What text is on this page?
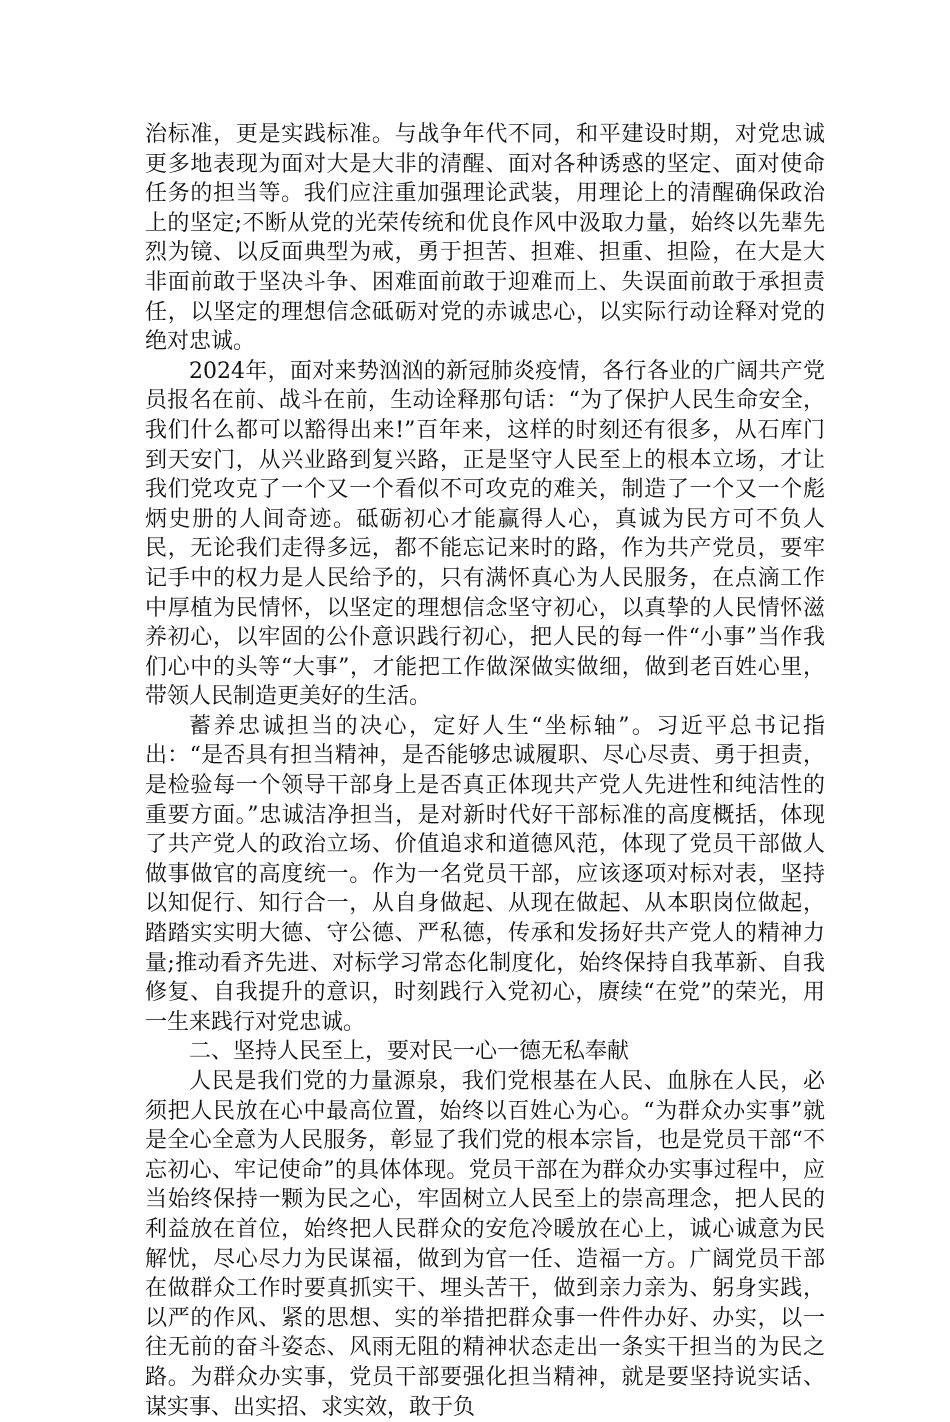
治标准，更是实践标准。与战争年代不同，和平建设时期，对党忠诚更多地表现为面对大是大非的清醒、面对各种诱惑的坚定、面对使命任务的担当等。我们应注重加强理论武装，用理论上的清醒确保政治上的坚定;不断从党的光荣传统和优良作风中汲取力量，始终以先辈先烈为镜、以反面典型为戒，勇于担苦、担难、担重、担险，在大是大非面前敢于坚决斗争、困难面前敢于迎难而上、失误面前敢于承担责任，以坚定的理想信念砥砺对党的赤诚忠心，以实际行动诠释对党的绝对忠诚。

2024年，面对来势汹汹的新冠肺炎疫情，各行各业的广阔共产党员报名在前、战斗在前，生动诠释那句话：“为了保护人民生命安全，我们什么都可以豁得出来!”百年来，这样的时刻还有很多，从石库门到天安门，从兴业路到复兴路，正是坚守人民至上的根本立场，才让我们党攻克了一个又一个看似不可攻克的难关，制造了一个又一个彪炳史册的人间奇迹。砥砺初心才能赢得人心，真诚为民方可不负人民，无论我们走得多远，都不能忘记来时的路，作为共产党员，要牢记手中的权力是人民给予的，只有满怀真心为人民服务，在点滴工作中厚植为民情怀，以坚定的理想信念坚守初心，以真挚的人民情怀滋养初心，以牢固的公仆意识践行初心，把人民的每一件“小事”当作我们心中的头等“大事”，才能把工作做深做实做细，做到老百姓心里，带领人民制造更美好的生活。

蓄养忠诚担当的决心，定好人生“坐标轴”。习近平总书记指出：“是否具有担当精神，是否能够忠诚履职、尽心尽责、勇于担责，是检验每一个领导干部身上是否真正体现共产党人先进性和纯洁性的重要方面。”忠诚洁净担当，是对新时代好干部标准的高度概括，体现了共产党人的政治立场、价值追求和道德风范，体现了党员干部做人做事做官的高度统一。作为一名党员干部，应该逐项对标对表，坚持以知促行、知行合一，从自身做起、从现在做起、从本职岗位做起，踏踏实实明大德、守公德、严私德，传承和发扬好共产党人的精神力量;推动看齐先进、对标学习常态化制度化，始终保持自我革新、自我修复、自我提升的意识，时刻践行入党初心，赓续“在党”的荣光，用一生来践行对党忠诚。

二、坚持人民至上，要对民一心一德无私奉献

人民是我们党的力量源泉，我们党根基在人民、血脉在人民，必须把人民放在心中最高位置，始终以百姓心为心。“为群众办实事”就是全心全意为人民服务，彰显了我们党的根本宗旨，也是党员干部“不忘初心、牢记使命”的具体体现。党员干部在为群众办实事过程中，应当始终保持一颗为民之心，牢固树立人民至上的崇高理念，把人民的利益放在首位，始终把人民群众的安危冷暖放在心上，诚心诚意为民解忧，尽心尽力为民谋福，做到为官一任、造福一方。广阔党员干部在做群众工作时要真抓实干、埋头苦干，做到亲力亲为、躬身实践，以严的作风、紧的思想、实的举措把群众事一件件办好、办实，以一往无前的奋斗姿态、风雨无阻的精神状态走出一条实干担当的为民之路。为群众办实事，党员干部要强化担当精神，就是要坚持说实话、谋实事、出实招、求实效，敢于负
